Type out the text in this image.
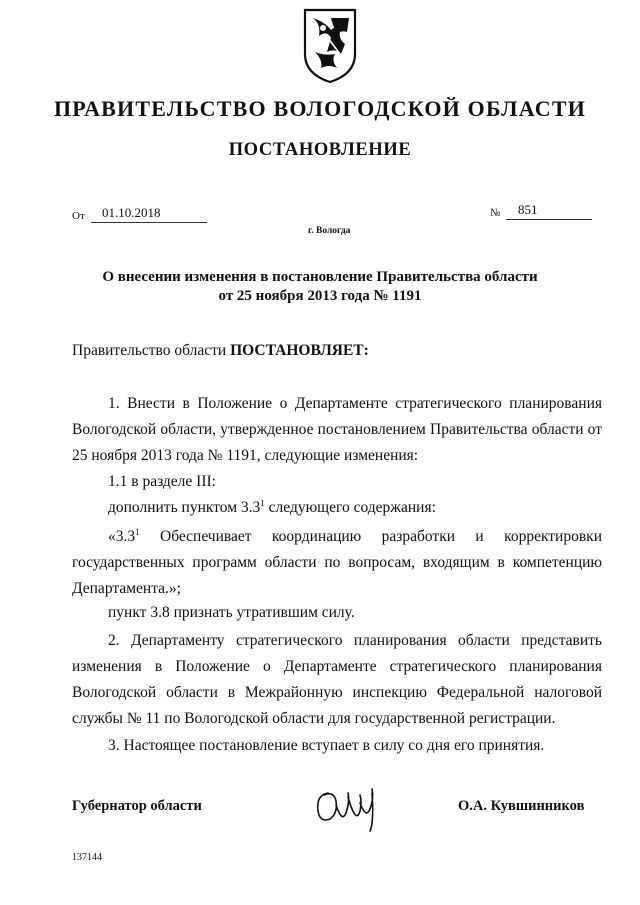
ПРАВИТЕЛЬСТВО ВОЛОГОДСКОЙ ОБЛАСТИ
ПОСТАНОВЛЕНИЕ
От 01.10.2018	№ 851
г. Вологда
О внесении изменения в постановление Правительства области
от 25 ноября 2013 года № 1191
Правительство области ПОСТАНОВЛЯЕТ:
1. Внести в Положение о Департаменте стратегического планирования Вологодской области, утвержденное постановлением Правительства области от 25 ноября 2013 года № 1191, следующие изменения:
1.1 в разделе III:
дополнить пунктом $3.3^1$ следующего содержания:
«$3.3^1$ Обеспечивает координацию разработки и корректировки государственных программ области по вопросам, входящим в компетенцию Департамента.»;
пункт 3.8 признать утратившим силу.
2. Департаменту стратегического планирования области представить изменения в Положение о Департаменте стратегического планирования Вологодской области в Межрайонную инспекцию Федеральной налоговой службы № 11 по Вологодской области для государственной регистрации.
3. Настоящее постановление вступает в силу со дня его принятия.
Губернатор области	О.А. Кувшинников
137144
